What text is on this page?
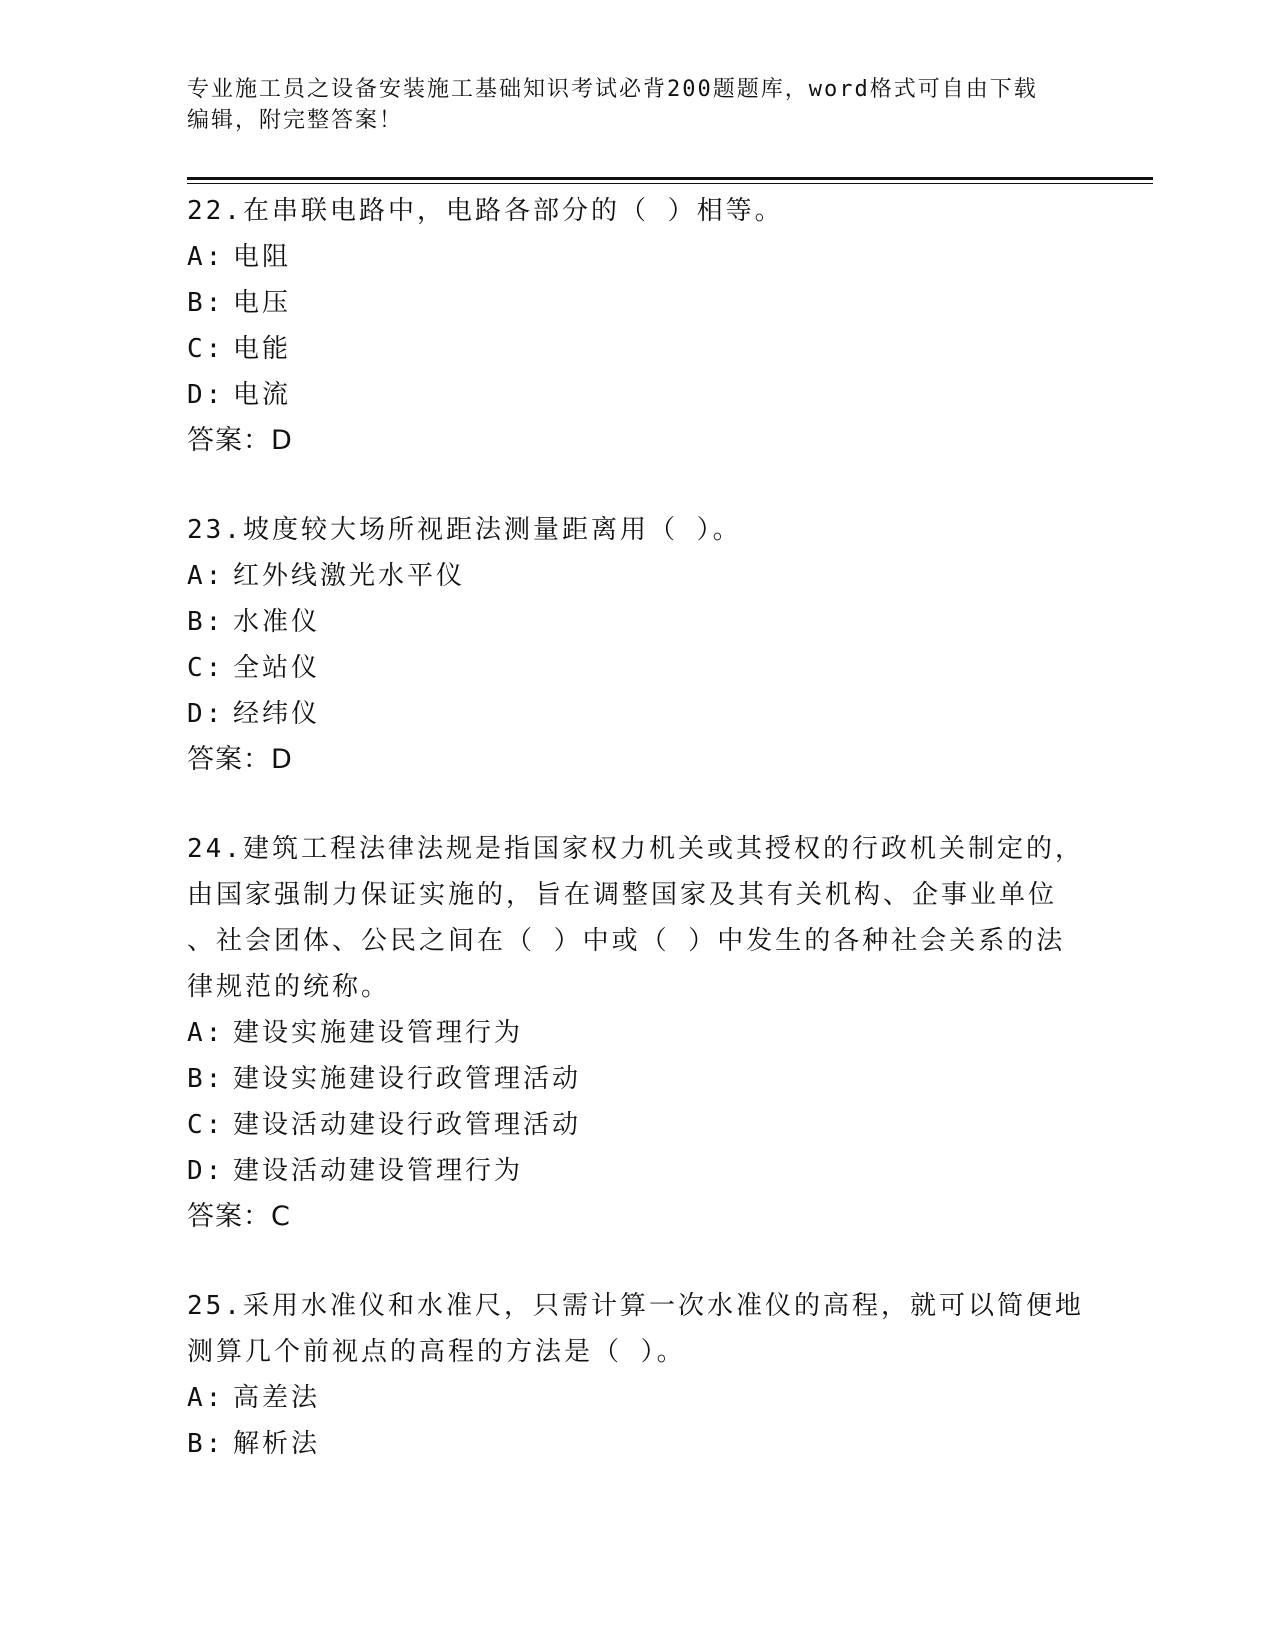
专业施工员之设备安装施工基础知识考试必背200题题库，word格式可自由下载
编辑，附完整答案！
22.在串联电路中，电路各部分的（ ）相等。
A: 电阻
B: 电压
C: 电能
D: 电流
答案：D
23.坡度较大场所视距法测量距离用（ ）。
A: 红外线激光水平仪
B: 水准仪
C: 全站仪
D: 经纬仪
答案：D
24.建筑工程法律法规是指国家权力机关或其授权的行政机关制定的，
由国家强制力保证实施的，旨在调整国家及其有关机构、企事业单位
、社会团体、公民之间在（ ）中或（ ）中发生的各种社会关系的法
律规范的统称。
A: 建设实施建设管理行为
B: 建设实施建设行政管理活动
C: 建设活动建设行政管理活动
D: 建设活动建设管理行为
答案：C
25.采用水准仪和水准尺，只需计算一次水准仪的高程，就可以简便地
测算几个前视点的高程的方法是（ ）。
A: 高差法
B: 解析法
